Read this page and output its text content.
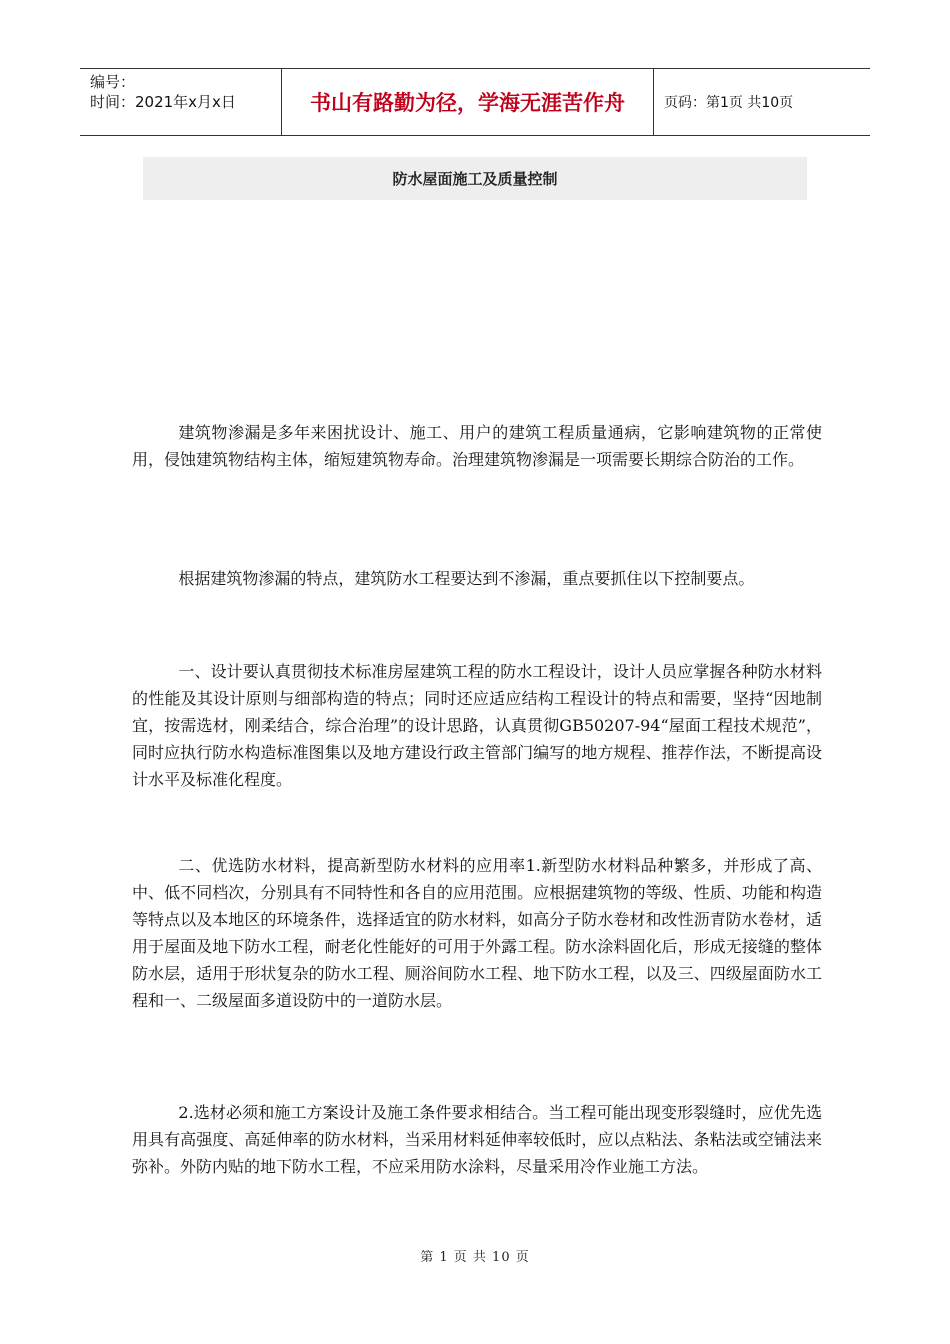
编号：
时间：2021年x月x日	书山有路勤为径，学海无涯苦作舟	页码：第1页 共10页
防水屋面施工及质量控制

建筑物渗漏是多年来困扰设计、施工、用户的建筑工程质量通病，它影响建筑物的正常使用，侵蚀建筑物结构主体，缩短建筑物寿命。治理建筑物渗漏是一项需要长期综合防治的工作。

根据建筑物渗漏的特点，建筑防水工程要达到不渗漏，重点要抓住以下控制要点。

一、设计要认真贯彻技术标准房屋建筑工程的防水工程设计，设计人员应掌握各种防水材料的性能及其设计原则与细部构造的特点；同时还应适应结构工程设计的特点和需要，坚持“因地制宜，按需选材，刚柔结合，综合治理”的设计思路，认真贯彻GB50207-94“屋面工程技术规范”，同时应执行防水构造标准图集以及地方建设行政主管部门编写的地方规程、推荐作法，不断提高设计水平及标准化程度。

二、优选防水材料，提高新型防水材料的应用率1.新型防水材料品种繁多，并形成了高、中、低不同档次，分别具有不同特性和各自的应用范围。应根据建筑物的等级、性质、功能和构造等特点以及本地区的环境条件，选择适宜的防水材料，如高分子防水卷材和改性沥青防水卷材，适用于屋面及地下防水工程，耐老化性能好的可用于外露工程。防水涂料固化后，形成无接缝的整体防水层，适用于形状复杂的防水工程、厕浴间防水工程、地下防水工程，以及三、四级屋面防水工程和一、二级屋面多道设防中的一道防水层。

2.选材必须和施工方案设计及施工条件要求相结合。当工程可能出现变形裂缝时，应优先选用具有高强度、高延伸率的防水材料，当采用材料延伸率较低时，应以点粘法、条粘法或空铺法来弥补。外防内贴的地下防水工程，不应采用防水涂料，尽量采用冷作业施工方法。

第 1 页 共 10 页
